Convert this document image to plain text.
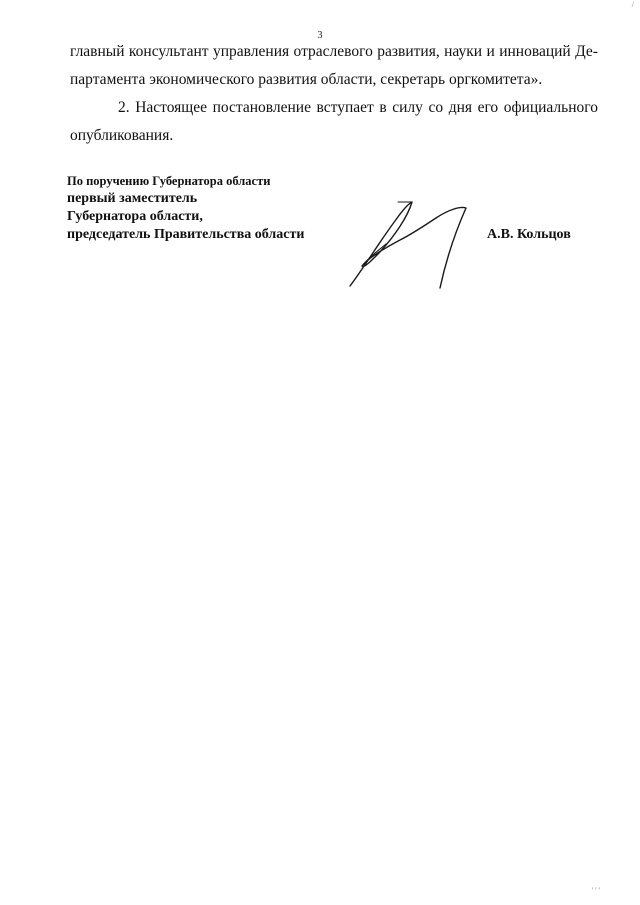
3
/
главный консультант управления отраслевого развития, науки и инноваций Де-
партамента экономического развития области, секретарь оргкомитета».
2. Настоящее постановление вступает в силу со дня его официального
опубликования.
По поручению Губернатора области
первый заместитель
Губернатора области,
председатель Правительства области	А.В. Кольцов
' ' '
